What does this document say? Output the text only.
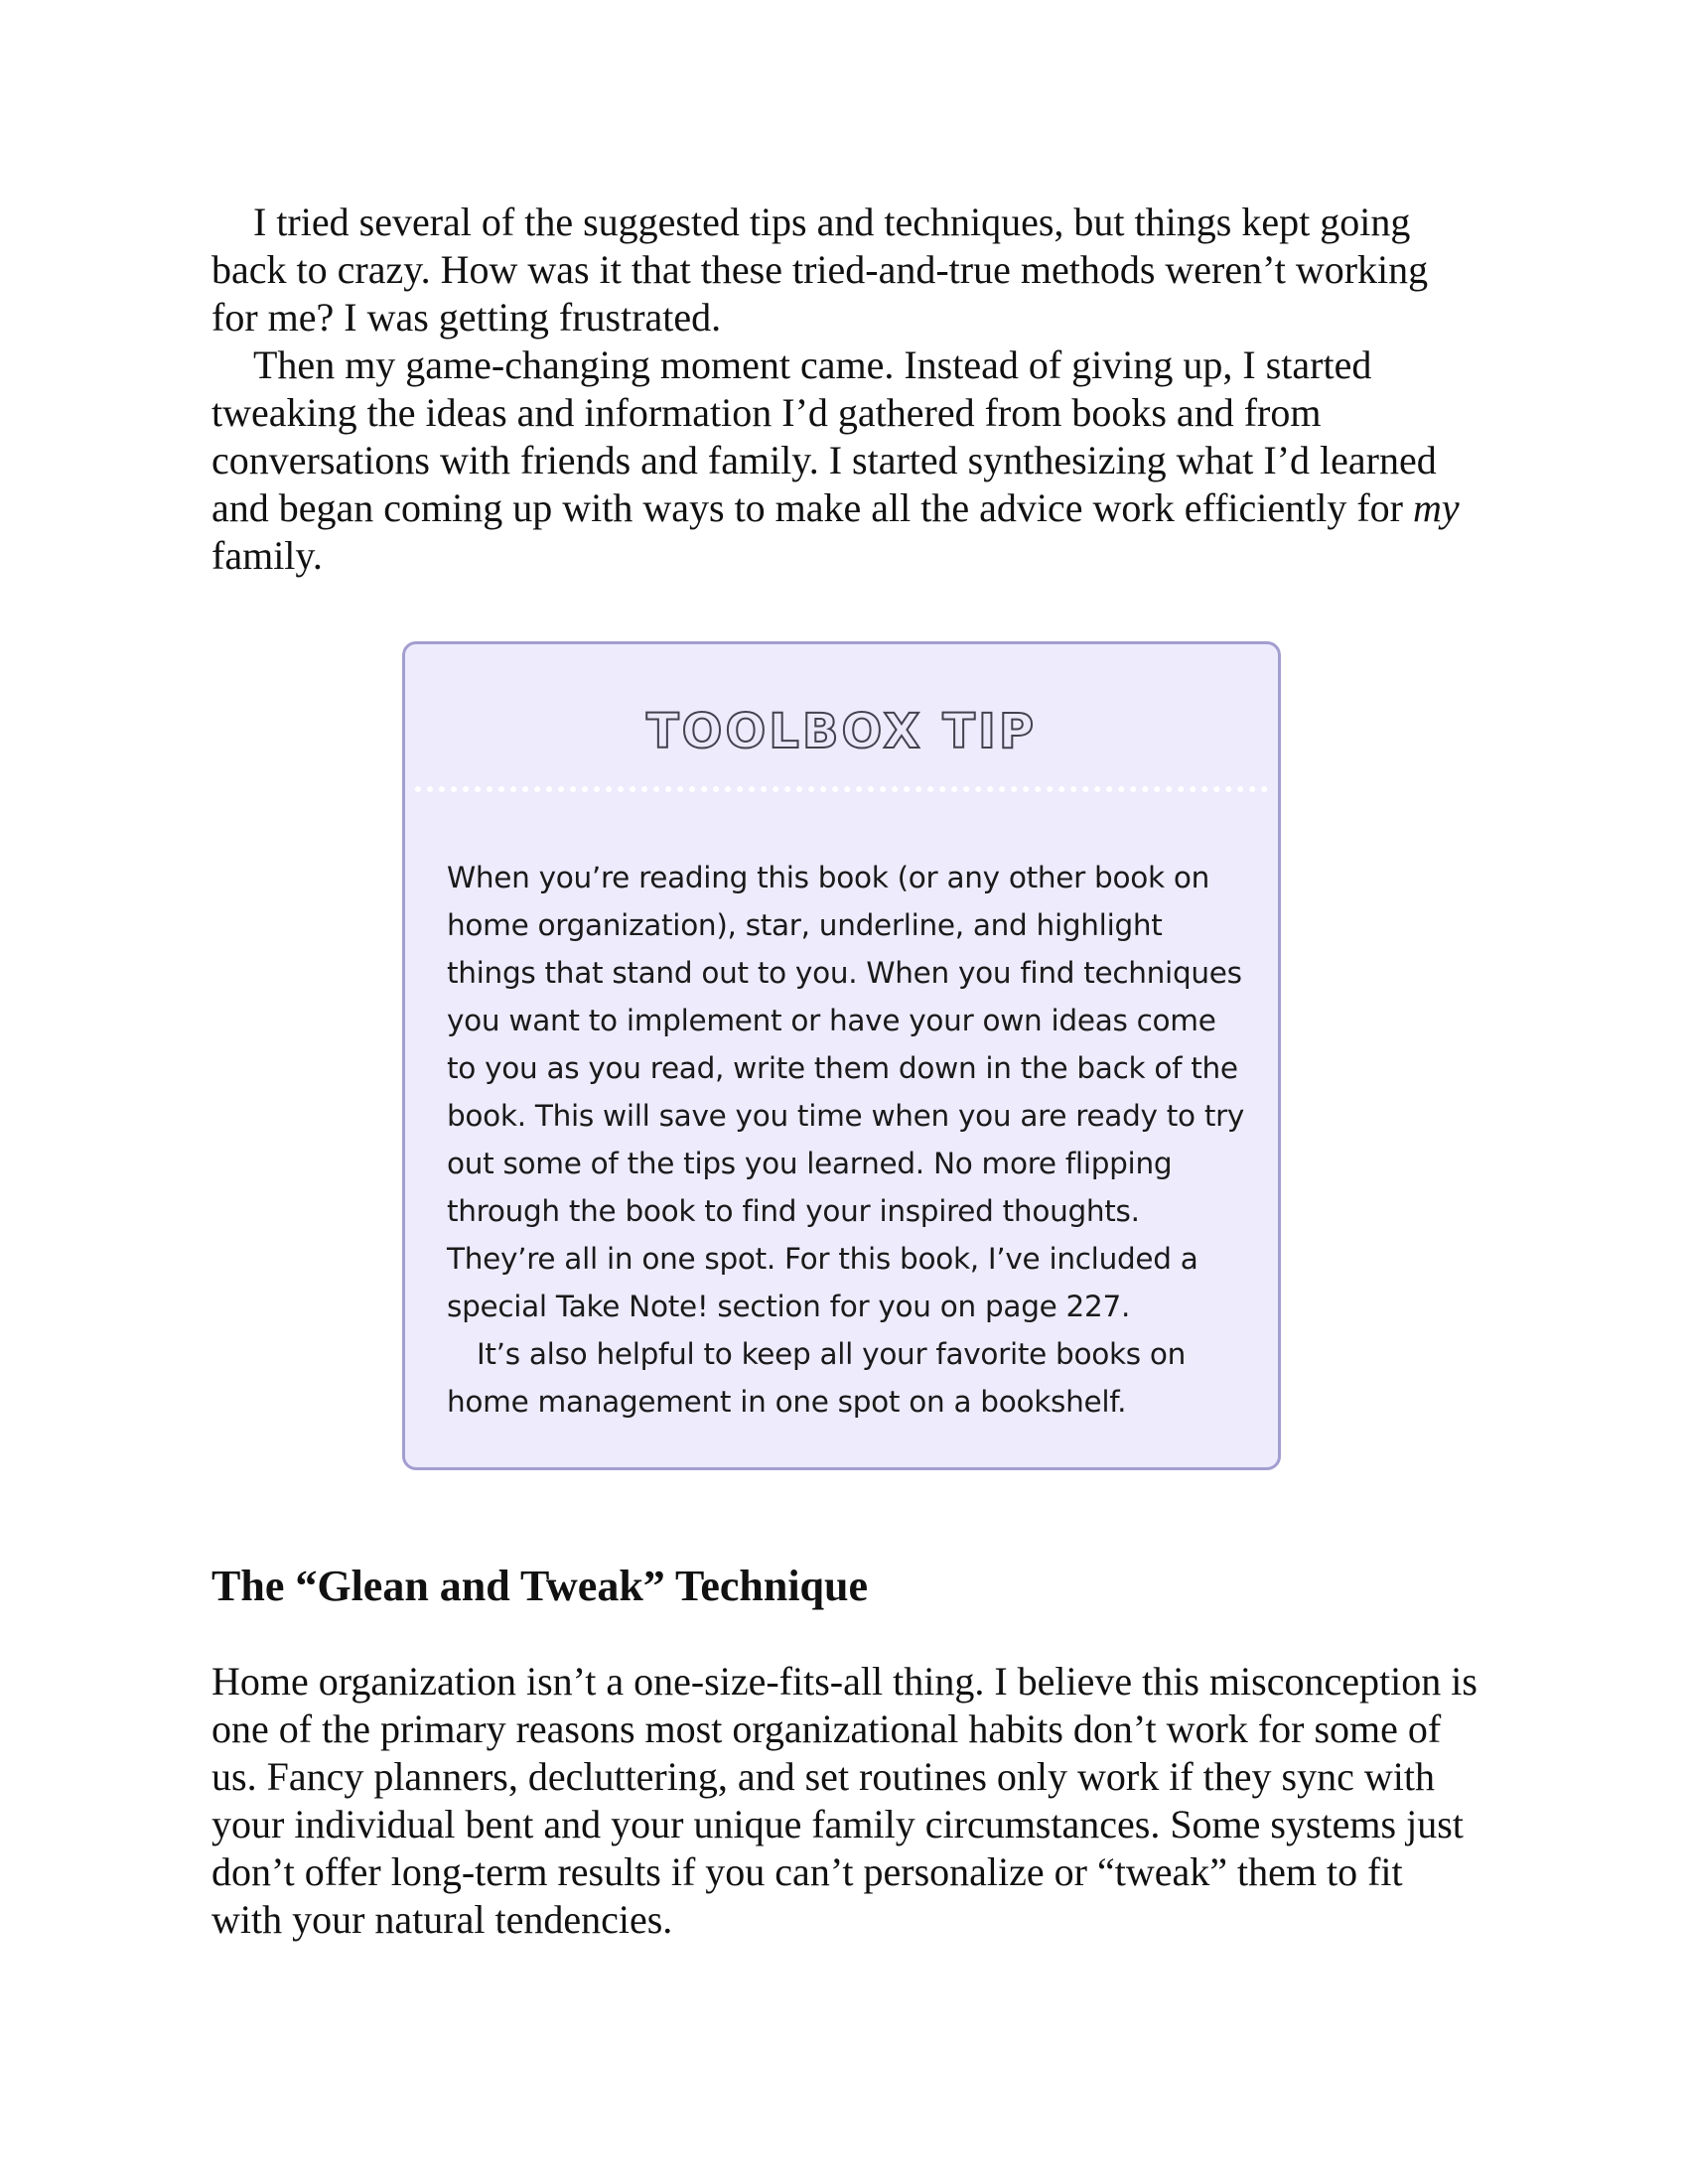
I tried several of the suggested tips and techniques, but things kept going back to crazy. How was it that these tried-and-true methods weren’t working for me? I was getting frustrated.

Then my game-changing moment came. Instead of giving up, I started tweaking the ideas and information I’d gathered from books and from conversations with friends and family. I started synthesizing what I’d learned and began coming up with ways to make all the advice work efficiently for my family.

TOOLBOX TIP

When you’re reading this book (or any other book on home organization), star, underline, and highlight things that stand out to you. When you find techniques you want to implement or have your own ideas come to you as you read, write them down in the back of the book. This will save you time when you are ready to try out some of the tips you learned. No more flipping through the book to find your inspired thoughts. They’re all in one spot. For this book, I’ve included a special Take Note! section for you on page 227.

It’s also helpful to keep all your favorite books on home management in one spot on a bookshelf.

The “Glean and Tweak” Technique

Home organization isn’t a one-size-fits-all thing. I believe this misconception is one of the primary reasons most organizational habits don’t work for some of us. Fancy planners, decluttering, and set routines only work if they sync with your individual bent and your unique family circumstances. Some systems just don’t offer long-term results if you can’t personalize or “tweak” them to fit with your natural tendencies.
